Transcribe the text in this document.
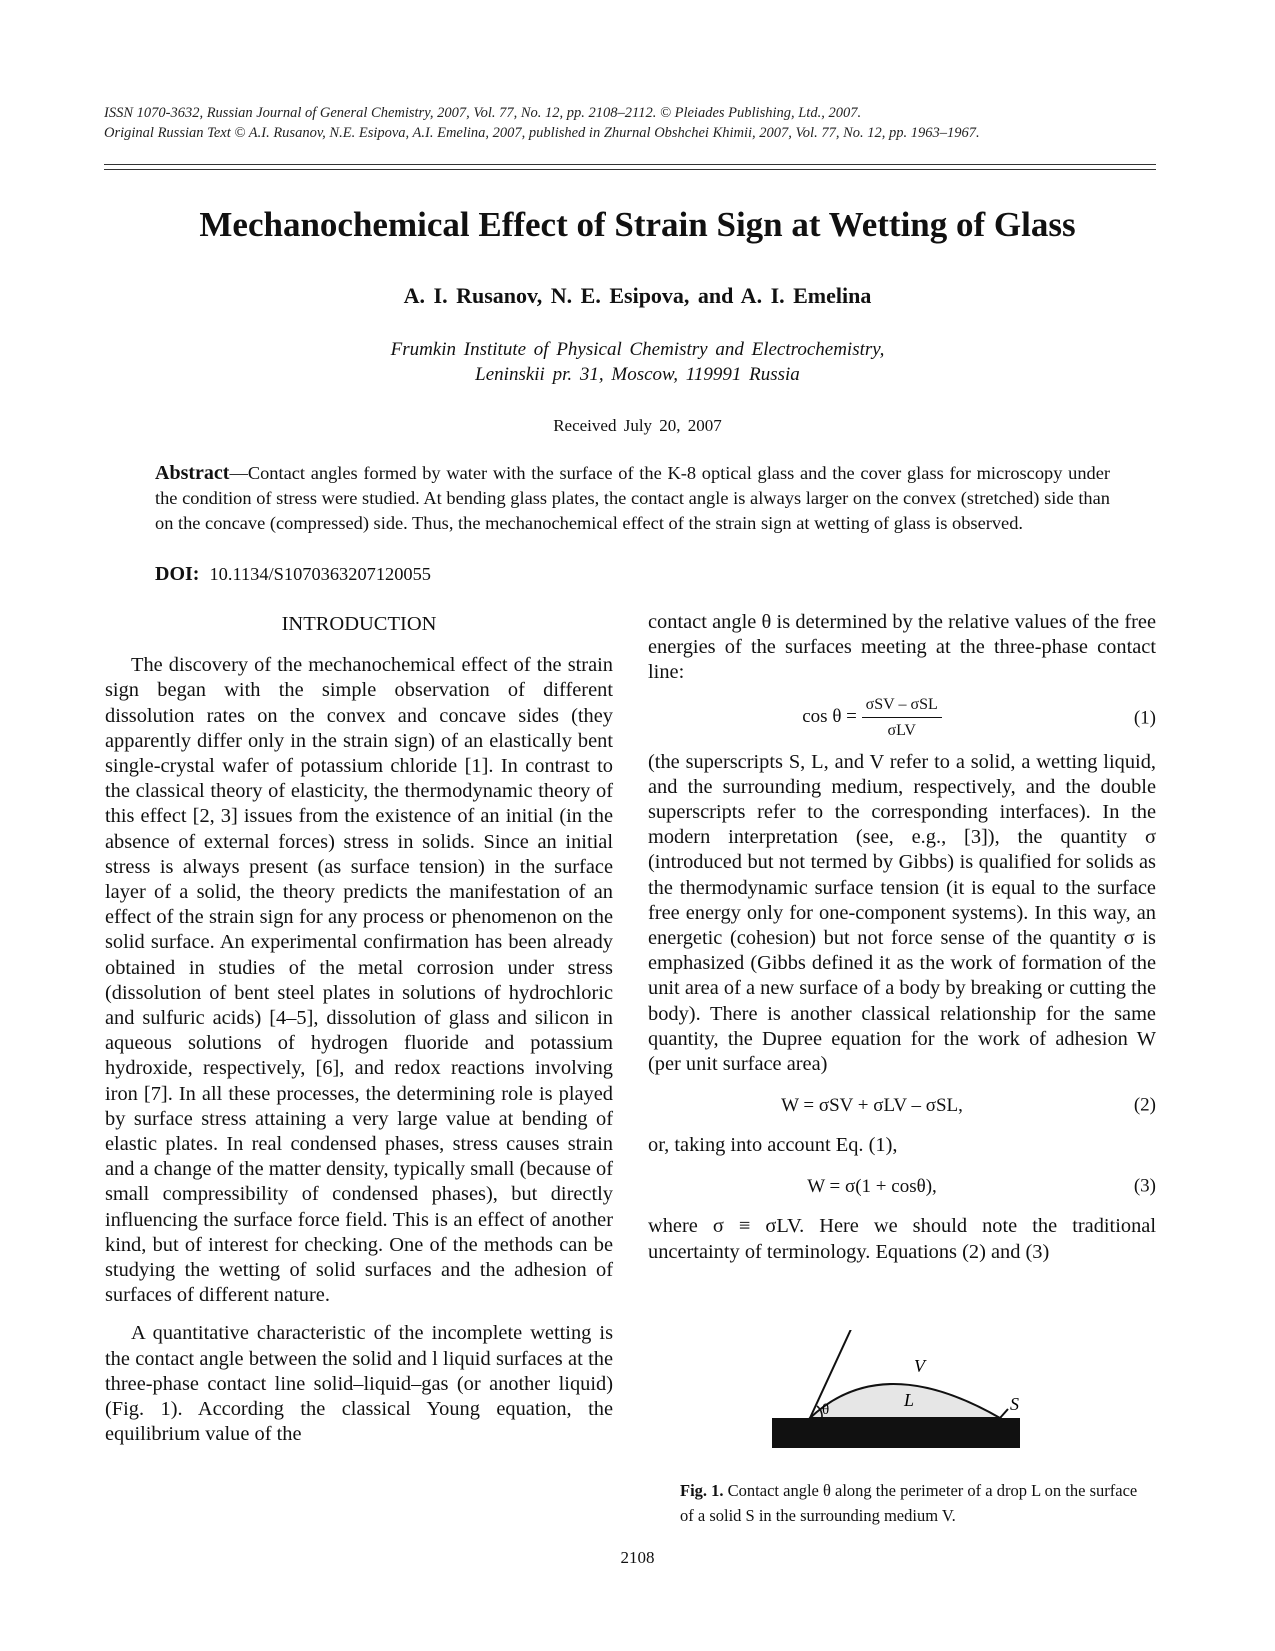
ISSN 1070-3632, Russian Journal of General Chemistry, 2007, Vol. 77, No. 12, pp. 2108–2112. © Pleiades Publishing, Ltd., 2007.
Original Russian Text © A.I. Rusanov, N.E. Esipova, A.I. Emelina, 2007, published in Zhurnal Obshchei Khimii, 2007, Vol. 77, No. 12, pp. 1963–1967.
Mechanochemical Effect of Strain Sign at Wetting of Glass
A. I. Rusanov, N. E. Esipova, and A. I. Emelina
Frumkin Institute of Physical Chemistry and Electrochemistry,
Leninskii pr. 31, Moscow, 119991 Russia
Received July 20, 2007
Abstract—Contact angles formed by water with the surface of the K-8 optical glass and the cover glass for microscopy under the condition of stress were studied. At bending glass plates, the contact angle is always larger on the convex (stretched) side than on the concave (compressed) side. Thus, the mechanochemical effect of the strain sign at wetting of glass is observed.
DOI: 10.1134/S1070363207120055

INTRODUCTION

The discovery of the mechanochemical effect of the strain sign began with the simple observation of different dissolution rates on the convex and concave sides (they apparently differ only in the strain sign) of an elastically bent single-crystal wafer of potassium chloride [1]. In contrast to the classical theory of elasticity, the thermodynamic theory of this effect [2, 3] issues from the existence of an initial (in the absence of external forces) stress in solids. Since an initial stress is always present (as surface tension) in the surface layer of a solid, the theory predicts the manifestation of an effect of the strain sign for any process or phenomenon on the solid surface. An experimental confirmation has been already obtained in studies of the metal corrosion under stress (dissolution of bent steel plates in solutions of hydrochloric and sulfuric acids) [4–5], dissolution of glass and silicon in aqueous solutions of hydrogen fluoride and potassium hydroxide, respectively, [6], and redox reactions involving iron [7]. In all these processes, the determining role is played by surface stress attaining a very large value at bending of elastic plates. In real condensed phases, stress causes strain and a change of the matter density, typically small (because of small compressibility of condensed phases), but directly influencing the surface force field. This is an effect of another kind, but of interest for checking. One of the methods can be studying the wetting of solid surfaces and the adhesion of surfaces of different nature.

A quantitative characteristic of the incomplete wetting is the contact angle between the solid and l liquid surfaces at the three-phase contact line solid–liquid–gas (or another liquid) (Fig. 1). According the classical Young equation, the equilibrium value of the

contact angle θ is determined by the relative values of the free energies of the surfaces meeting at the three-phase contact line:

$\cos \theta = \frac{\text{σSV – σSL}}{\text{σLV}}$	(1)

(the superscripts S, L, and V refer to a solid, a wetting liquid, and the surrounding medium, respectively, and the double superscripts refer to the corresponding interfaces). In the modern interpretation (see, e.g., [3]), the quantity σ (introduced but not termed by Gibbs) is qualified for solids as the thermodynamic surface tension (it is equal to the surface free energy only for one-component systems). In this way, an energetic (cohesion) but not force sense of the quantity σ is emphasized (Gibbs defined it as the work of formation of the unit area of a new surface of a body by breaking or cutting the body). There is another classical relationship for the same quantity, the Dupree equation for the work of adhesion W (per unit surface area)

W = σSV + σLV – σSL,	(2)

or, taking into account Eq. (1),

W = σ(1 + cosθ),	(3)

where σ ≡ σLV. Here we should note the traditional uncertainty of terminology. Equations (2) and (3)

V
L	S
θ
Fig. 1. Contact angle θ along the perimeter of a drop L on the surface of a solid S in the surrounding medium V.
2108
